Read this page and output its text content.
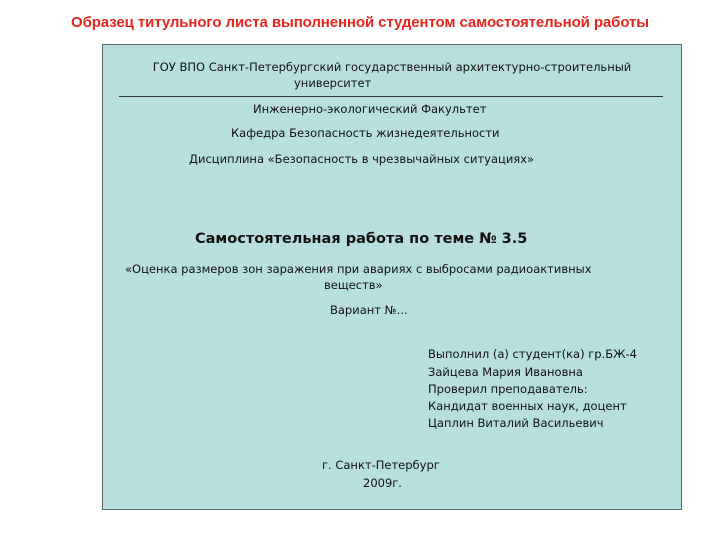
Образец титульного листа выполненной студентом самостоятельной работы
ГОУ ВПО Санкт-Петербургский государственный архитектурно-строительный
университет
Инженерно-экологический Факультет
Кафедра Безопасность жизнедеятельности
Дисциплина «Безопасность в чрезвычайных ситуациях»
Самостоятельная работа по теме № 3.5
«Оценка размеров зон заражения при авариях с выбросами радиоактивных
веществ»
Вариант №...
Выполнил (а) студент(ка) гр.БЖ-4
Зайцева Мария Ивановна
Проверил преподаватель:
Кандидат военных наук, доцент
Цаплин Виталий Васильевич
г. Санкт-Петербург
2009г.
